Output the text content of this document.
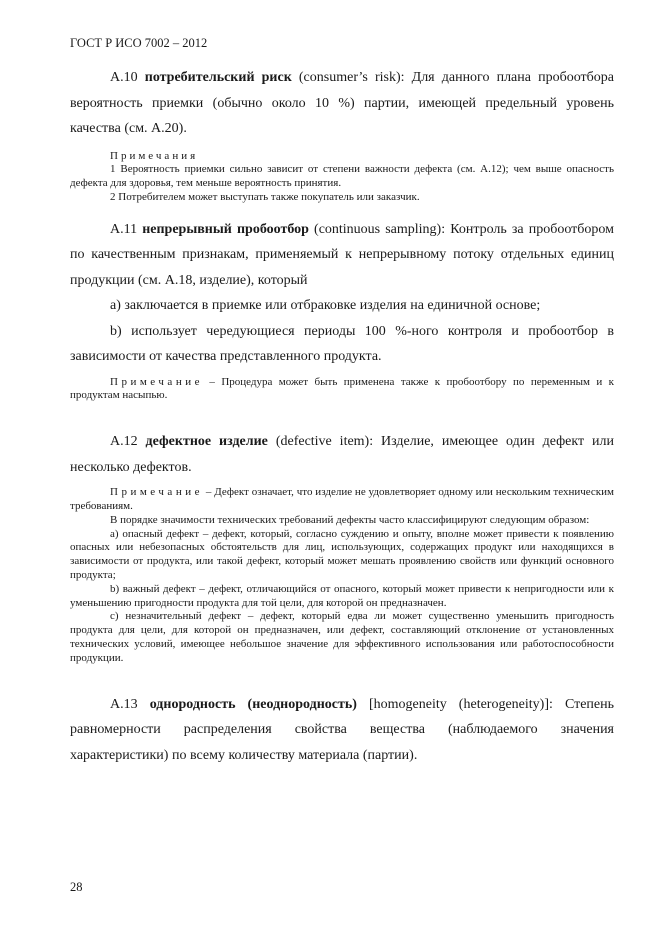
ГОСТ Р ИСО 7002 – 2012

А.10 потребительский риск (consumer’s risk): Для данного плана пробоотбора вероятность приемки (обычно около 10 %) партии, имеющей предельный уровень качества (см. А.20).

Примечания

1 Вероятность приемки сильно зависит от степени важности дефекта (см. А.12); чем выше опасность дефекта для здоровья, тем меньше вероятность принятия.

2 Потребителем может выступать также покупатель или заказчик.

А.11 непрерывный пробоотбор (continuous sampling): Контроль за пробоотбором по качественным признакам, применяемый к непрерывному потоку отдельных единиц продукции (см. А.18, изделие), который

а) заключается в приемке или отбраковке изделия на единичной основе;

b) использует чередующиеся периоды 100 %-ного контроля и пробоотбор в зависимости от качества представленного продукта.

Примечание – Процедура может быть применена также к пробоотбору по переменным и к продуктам насыпью.

А.12 дефектное изделие (defective item): Изделие, имеющее один дефект или несколько дефектов.

Примечание – Дефект означает, что изделие не удовлетворяет одному или нескольким техническим требованиям.

В порядке значимости технических требований дефекты часто классифицируют следующим образом:

а) опасный дефект – дефект, который, согласно суждению и опыту, вполне может привести к появлению опасных или небезопасных обстоятельств для лиц, использующих, содержащих продукт или находящихся в зависимости от продукта, или такой дефект, который может мешать проявлению свойств или функций основного продукта;

b) важный дефект – дефект, отличающийся от опасного, который может привести к непригодности или к уменьшению пригодности продукта для той цели, для которой он предназначен.

с) незначительный дефект – дефект, который едва ли может существенно уменьшить пригодность продукта для цели, для которой он предназначен, или дефект, составляющий отклонение от установленных технических условий, имеющее небольшое значение для эффективного использования или работоспособности продукции.

А.13 однородность (неоднородность) [homogeneity (heterogeneity)]: Степень равномерности распределения свойства вещества (наблюдаемого значения характеристики) по всему количеству материала (партии).

28
